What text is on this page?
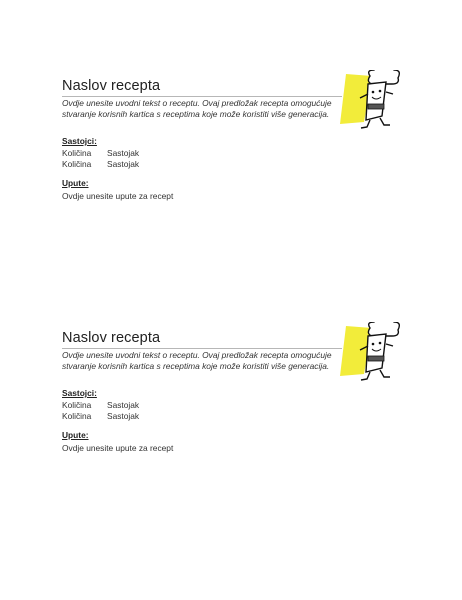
Naslov recepta
Ovdje unesite uvodni tekst o receptu. Ovaj predložak recepta omogućuje stvaranje korisnih kartica s receptima koje može koristiti više generacija.
Sastojci:
Količina Sastojak
Količina Sastojak
Upute:
Ovdje unesite upute za recept
Naslov recepta
Ovdje unesite uvodni tekst o receptu. Ovaj predložak recepta omogućuje stvaranje korisnih kartica s receptima koje može koristiti više generacija.
Sastojci:
Količina Sastojak
Količina Sastojak
Upute:
Ovdje unesite upute za recept
